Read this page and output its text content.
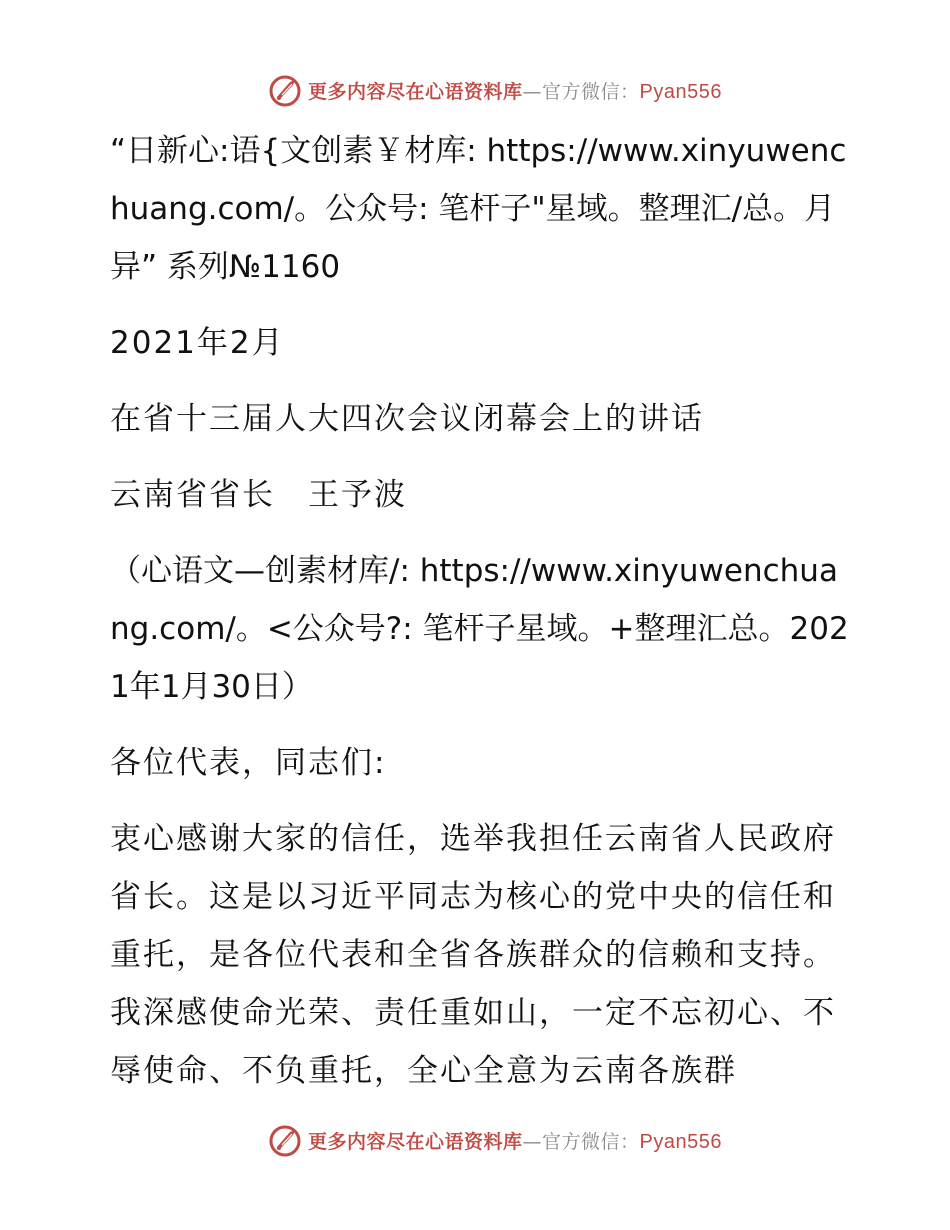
更多内容尽在心语资料库—官方微信：Pyan556

“日新心:语{文创素￥材库: https://www.xinyuwenchuang.com/。公众号: 笔杆子"星域。整理汇/总。月异” 系列№1160

2021年2月

在省十三届人大四次会议闭幕会上的讲话

云南省省长　王予波

（心语文—创素材库/: https://www.xinyuwenchuang.com/。<公众号?: 笔杆子星域。+整理汇总。2021年1月30日）

各位代表，同志们:

衷心感谢大家的信任，选举我担任云南省人民政府省长。这是以习近平同志为核心的党中央的信任和重托，是各位代表和全省各族群众的信赖和支持。我深感使命光荣、责任重如山，一定不忘初心、不辱使命、不负重托，全心全意为云南各族群

更多内容尽在心语资料库—官方微信：Pyan556
